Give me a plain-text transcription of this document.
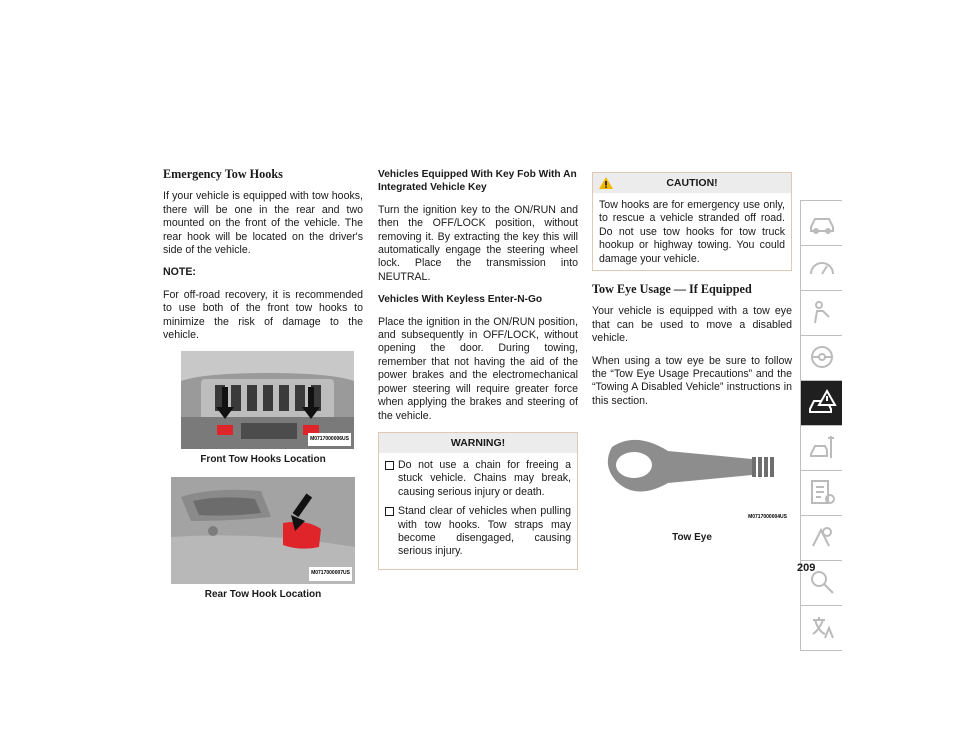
Emergency Tow Hooks

If your vehicle is equipped with tow hooks, there will be one in the rear and two mounted on the front of the vehicle. The rear hook will be located on the driver's side of the vehicle.

NOTE:

For off-road recovery, it is recommended to use both of the front tow hooks to minimize the risk of damage to the vehicle.

M0717000006US
Front Tow Hooks Location
M0717000007US
Rear Tow Hook Location
Vehicles Equipped With Key Fob With An Integrated Vehicle Key

Turn the ignition key to the ON/RUN and then the OFF/LOCK position, without removing it. By extracting the key this will automatically engage the steering wheel lock. Place the transmission into NEUTRAL.

Vehicles With Keyless Enter-N-Go

Place the ignition in the ON/RUN position, and subsequently in OFF/LOCK, without opening the door. During towing, remember that not having the aid of the power brakes and the electromechanical power steering will require greater force when applying the brakes and steering of the vehicle.

WARNING!
Do not use a chain for freeing a stuck vehicle. Chains may break, causing serious injury or death.
Stand clear of vehicles when pulling with tow hooks. Tow straps may become disengaged, causing serious injury.
CAUTION!

Tow hooks are for emergency use only, to rescue a vehicle stranded off road. Do not use tow hooks for tow truck hookup or highway towing. You could damage your vehicle.

Tow Eye Usage — If Equipped

Your vehicle is equipped with a tow eye that can be used to move a disabled vehicle.

When using a tow eye be sure to follow the “Tow Eye Usage Precautions” and the “Towing A Disabled Vehicle” instructions in this section.

M0717000004US
Tow Eye
209
